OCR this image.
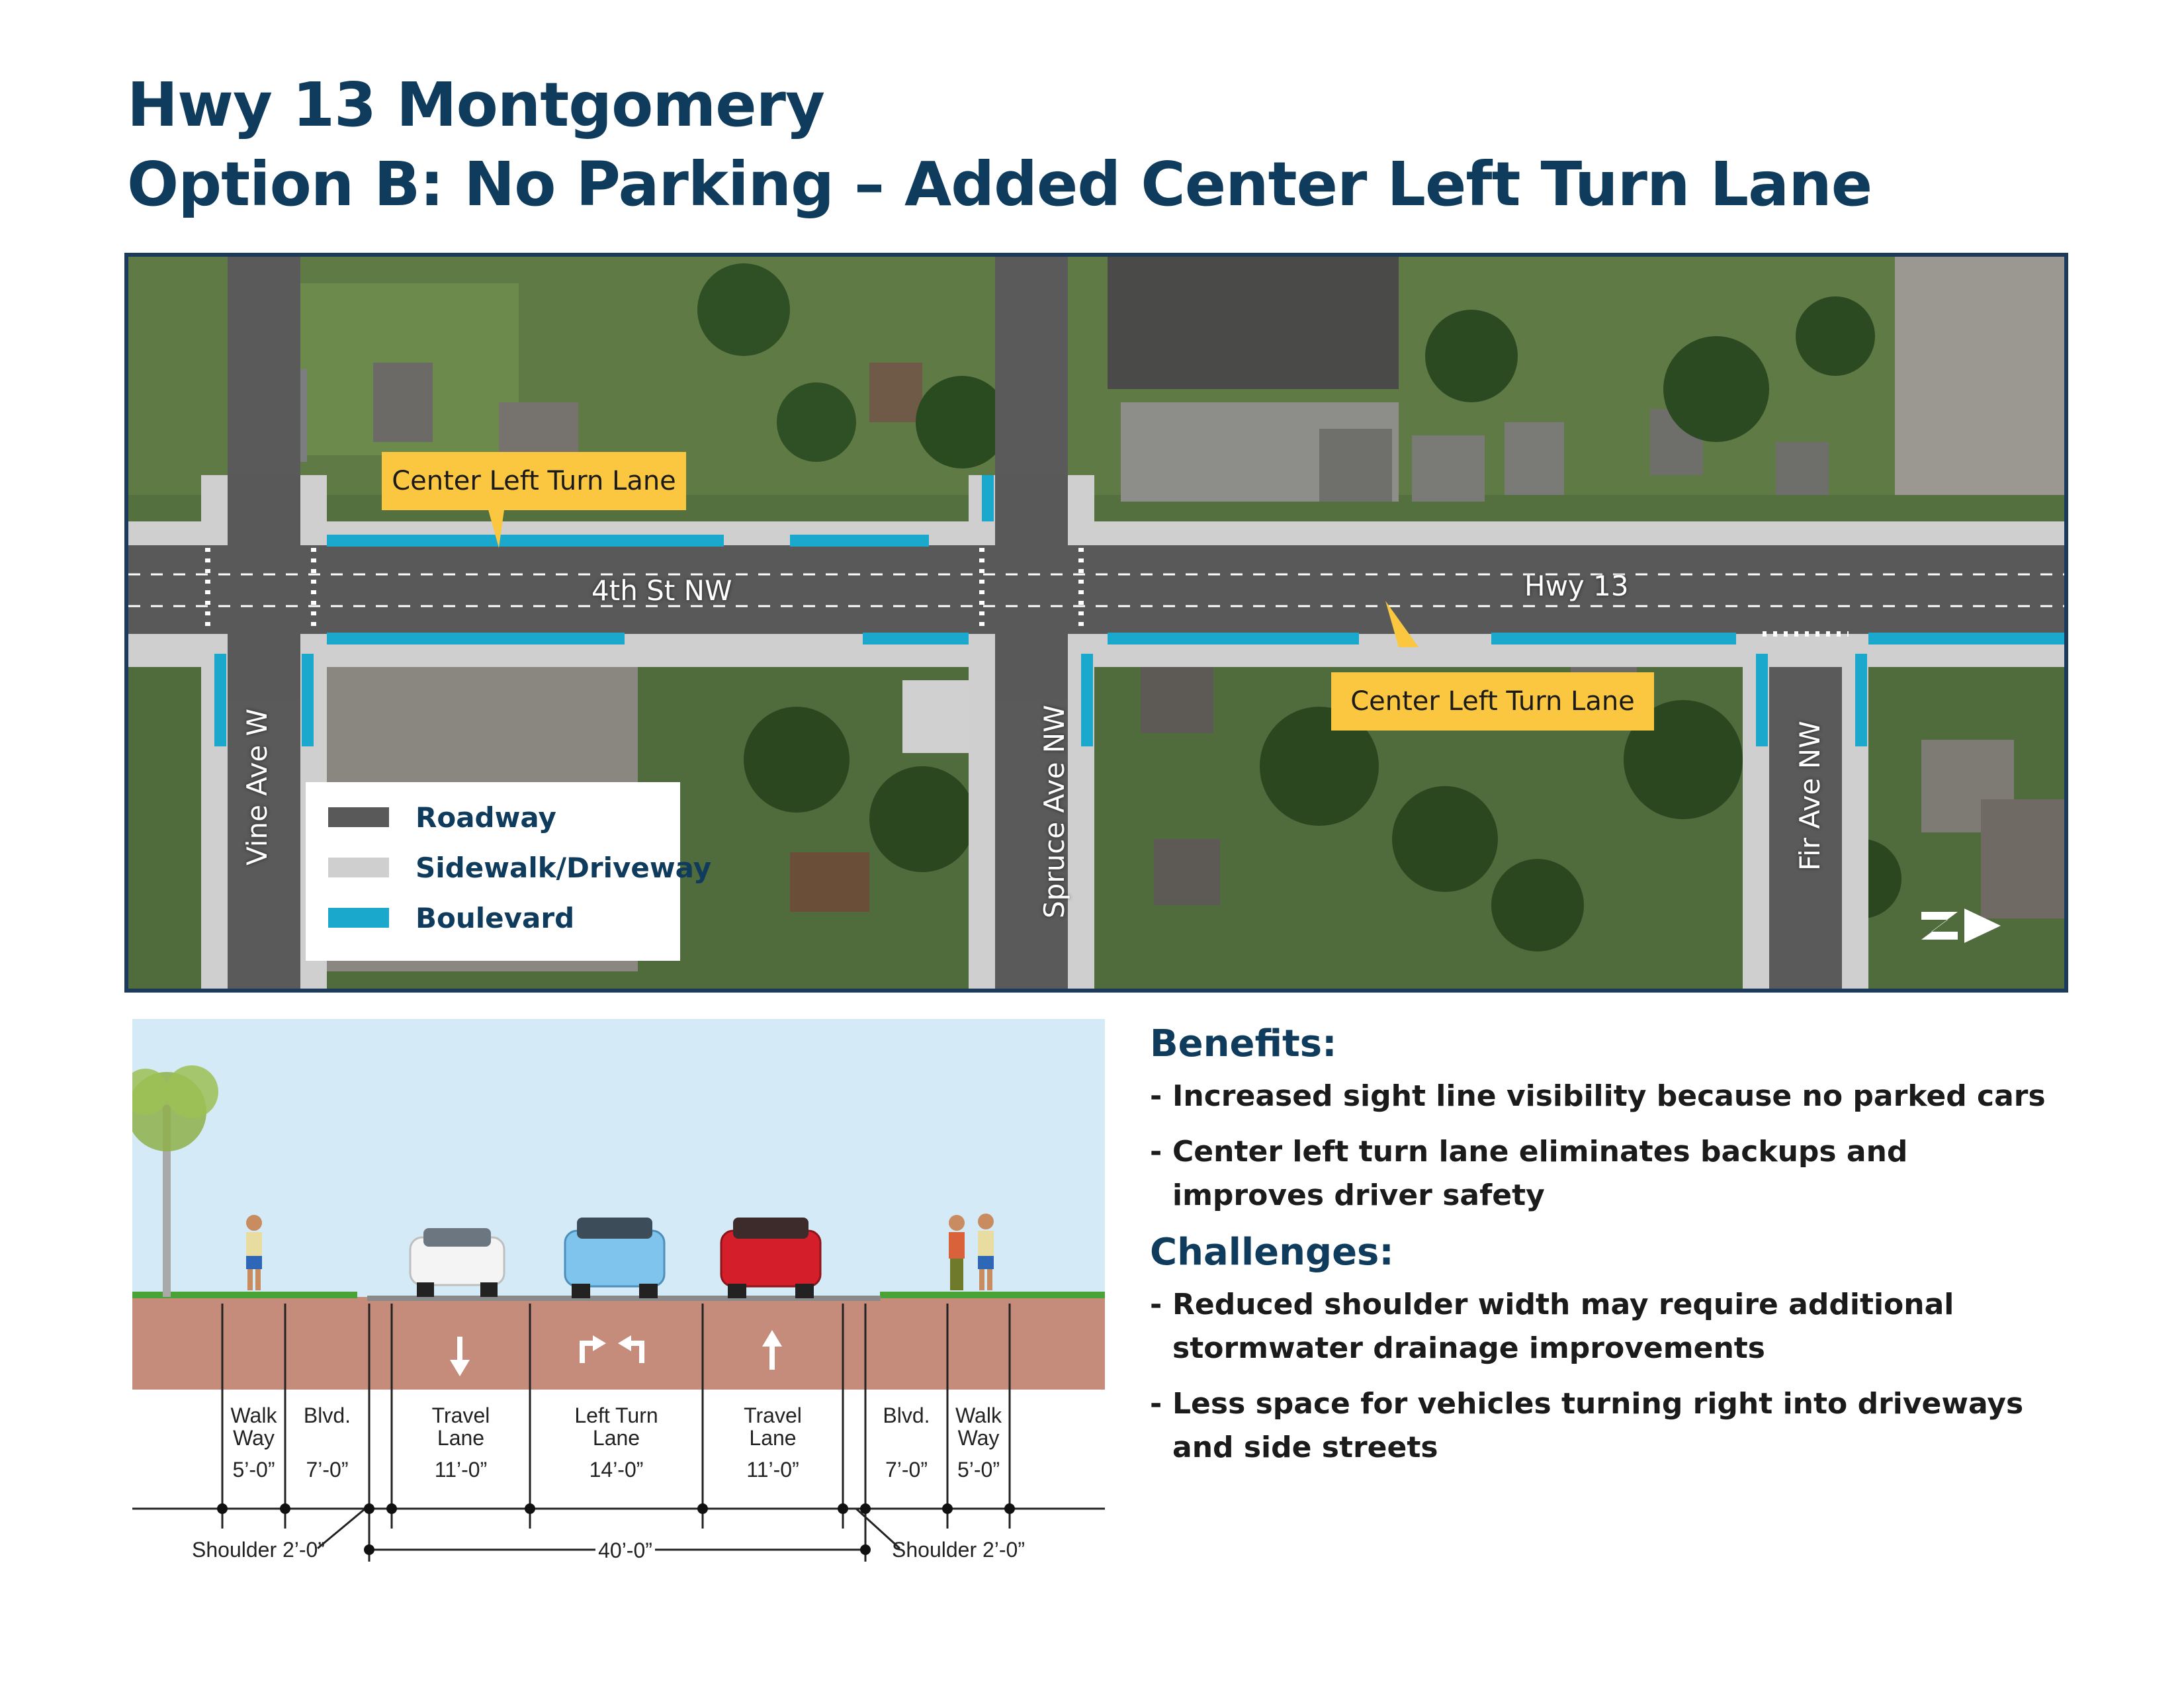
Hwy 13 Montgomery
Option B: No Parking – Added Center Left Turn Lane
Center Left Turn Lane
Center Left Turn Lane
4th St NW	Hwy 13
Vine Ave W	Spruce Ave NW	Fir Ave NW
Roadway
Sidewalk/Driveway
Boulevard
Walk Way
5’-0”
Blvd.
7’-0”
Travel Lane
11’-0”
Left Turn Lane
14’-0”
Travel Lane
11’-0”
Blvd.
7’-0”
Walk Way
5’-0”
Shoulder 2’-0”	Shoulder 2’-0”
40’-0”

Benefits:

- Increased sight line visibility because no parked cars
- Center left turn lane eliminates backups and improves driver safety

Challenges:

- Reduced shoulder width may require additional stormwater drainage improvements
- Less space for vehicles turning right into driveways and side streets
